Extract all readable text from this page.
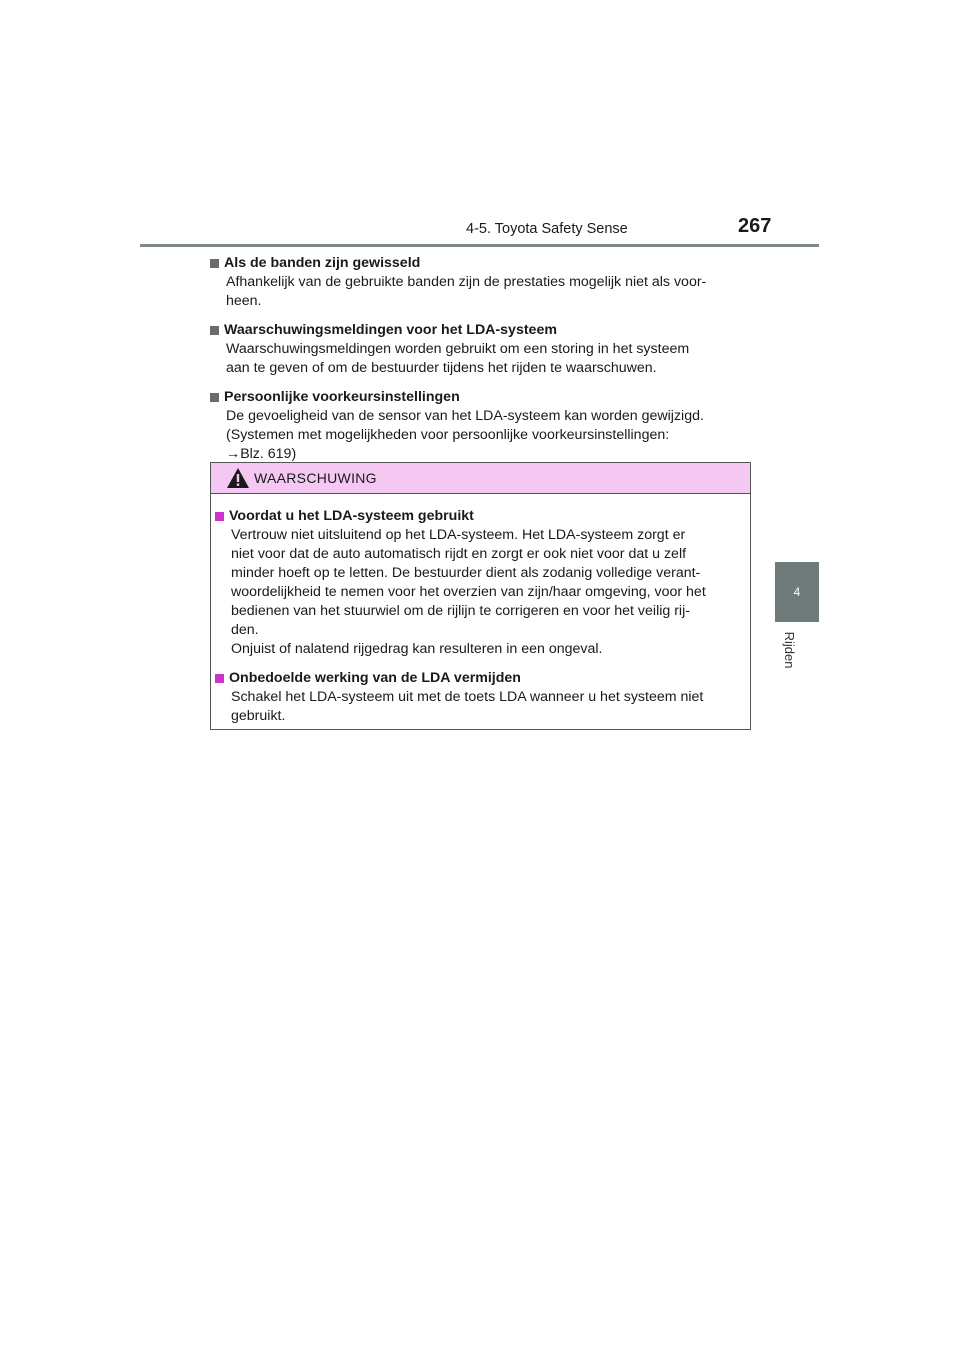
4-5. Toyota Safety Sense	267
4
Rijden
Als de banden zijn gewisseld
Afhankelijk van de gebruikte banden zijn de prestaties mogelijk niet als voor-
heen.
Waarschuwingsmeldingen voor het LDA-systeem
Waarschuwingsmeldingen worden gebruikt om een storing in het systeem
aan te geven of om de bestuurder tijdens het rijden te waarschuwen.
Persoonlijke voorkeursinstellingen
De gevoeligheid van de sensor van het LDA-systeem kan worden gewijzigd.
(Systemen met mogelijkheden voor persoonlijke voorkeursinstellingen:
→Blz. 619)
WAARSCHUWING
Voordat u het LDA-systeem gebruikt
Vertrouw niet uitsluitend op het LDA-systeem. Het LDA-systeem zorgt er
niet voor dat de auto automatisch rijdt en zorgt er ook niet voor dat u zelf
minder hoeft op te letten. De bestuurder dient als zodanig volledige verant-
woordelijkheid te nemen voor het overzien van zijn/haar omgeving, voor het
bedienen van het stuurwiel om de rijlijn te corrigeren en voor het veilig rij-
den.
Onjuist of nalatend rijgedrag kan resulteren in een ongeval.
Onbedoelde werking van de LDA vermijden
Schakel het LDA-systeem uit met de toets LDA wanneer u het systeem niet
gebruikt.
